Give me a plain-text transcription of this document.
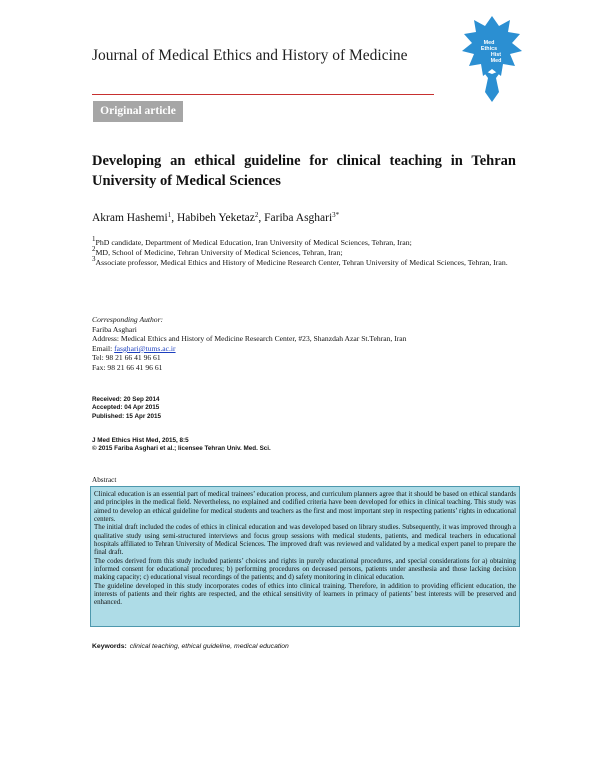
Journal of Medical Ethics and History of Medicine
Med Ethics Hist Med
Original article
Developing an ethical guideline for clinical teaching in Tehran University of Medical Sciences
Akram Hashemi$^1$, Habibeh Yeketaz$^2$, Fariba Asghari$^{3*}$
$^1$PhD candidate, Department of Medical Education, Iran University of Medical Sciences, Tehran, Iran;
$^2$MD, School of Medicine, Tehran University of Medical Sciences, Tehran, Iran;
$^3$Associate professor, Medical Ethics and History of Medicine Research Center, Tehran University of Medical Sciences, Tehran, Iran.
Corresponding Author:
Fariba Asghari
Address: Medical Ethics and History of Medicine Research Center, #23, Shanzdah Azar St.Tehran, Iran
Email: fasghari@tums.ac.ir
Tel: 98 21 66 41 96 61
Fax: 98 21 66 41 96 61
Received: 20 Sep 2014
Accepted: 04 Apr 2015
Published: 15 Apr 2015
J Med Ethics Hist Med, 2015, 8:5
© 2015 Fariba Asghari et al.; licensee Tehran Univ. Med. Sci.
Abstract

Clinical education is an essential part of medical trainees’ education process, and curriculum planners agree that it should be based on ethical standards and principles in the medical field. Nevertheless, no explained and codified criteria have been developed for ethics in clinical teaching. This study was aimed to develop an ethical guideline for medical students and teachers as the first and most important step in respecting patients’ rights in educational centers.

The initial draft included the codes of ethics in clinical education and was developed based on library studies. Subsequently, it was improved through a qualitative study using semi-structured interviews and focus group sessions with medical students, patients, and medical teachers in educational hospitals affiliated to Tehran University of Medical Sciences. The improved draft was reviewed and validated by a medical expert panel to prepare the final draft.

The codes derived from this study included patients’ choices and rights in purely educational procedures, and special considerations for a) obtaining informed consent for educational procedures; b) performing procedures on deceased persons, patients under anesthesia and those lacking decision making capacity; c) educational visual recordings of the patients; and d) safety monitoring in clinical education.

The guideline developed in this study incorporates codes of ethics into clinical training. Therefore, in addition to providing efficient education, the interests of patients and their rights are respected, and the ethical sensitivity of learners in primacy of patients’ best interests will be preserved and enhanced.

Keywords: clinical teaching, ethical guideline, medical education
